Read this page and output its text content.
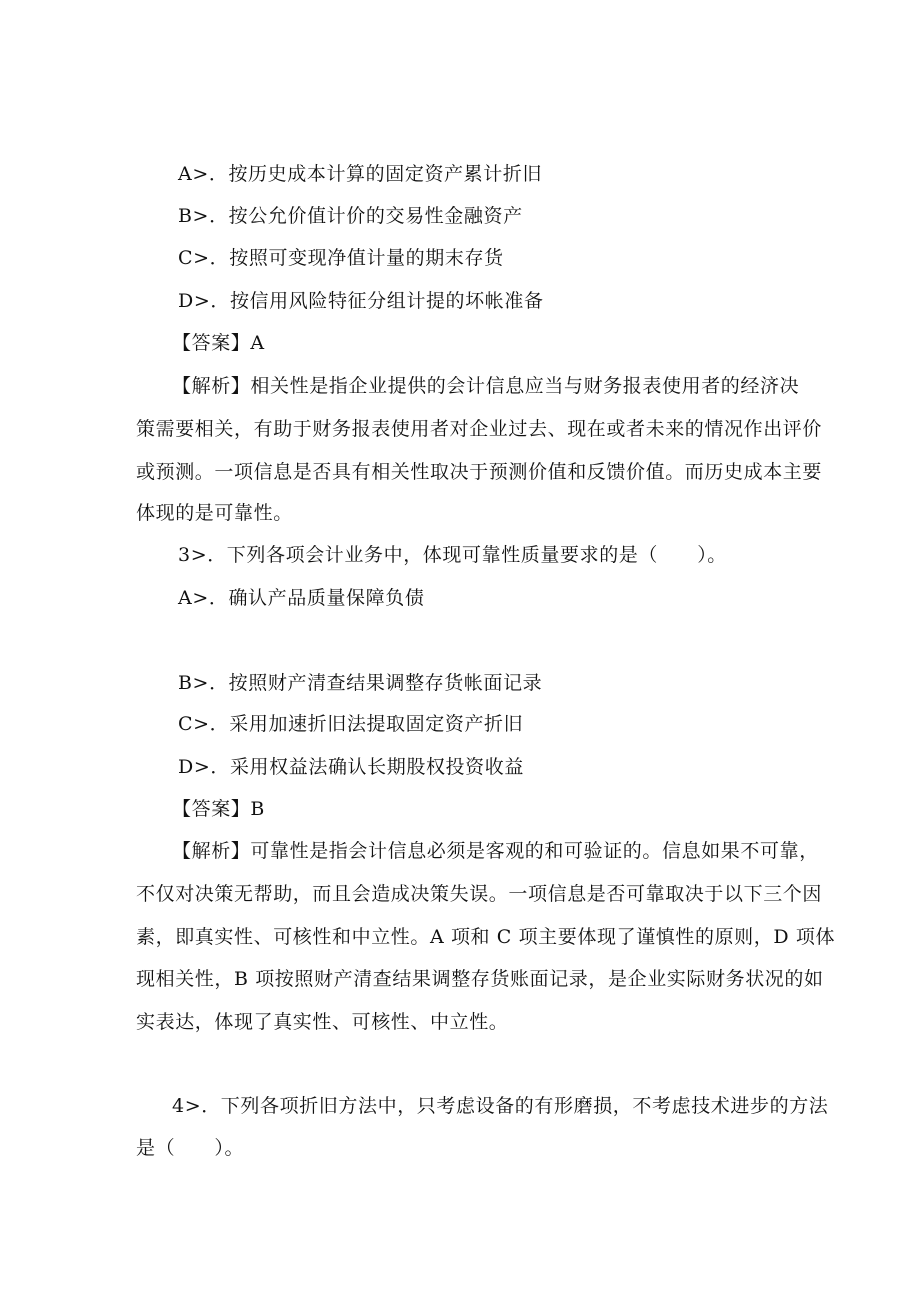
A>．按历史成本计算的固定资产累计折旧
B>．按公允价值计价的交易性金融资产
C>．按照可变现净值计量的期末存货
D>．按信用风险特征分组计提的坏帐准备
【答案】A
【解析】相关性是指企业提供的会计信息应当与财务报表使用者的经济决
策需要相关，有助于财务报表使用者对企业过去、现在或者未来的情况作出评价
或预测。一项信息是否具有相关性取决于预测价值和反馈价值。而历史成本主要
体现的是可靠性。
3>．下列各项会计业务中，体现可靠性质量要求的是（　　）。
A>．确认产品质量保障负债
B>．按照财产清查结果调整存货帐面记录
C>．采用加速折旧法提取固定资产折旧
D>．采用权益法确认长期股权投资收益
【答案】B
【解析】可靠性是指会计信息必须是客观的和可验证的。信息如果不可靠，
不仅对决策无帮助，而且会造成决策失误。一项信息是否可靠取决于以下三个因
素，即真实性、可核性和中立性。A 项和 C 项主要体现了谨慎性的原则，D 项体
现相关性，B 项按照财产清查结果调整存货账面记录，是企业实际财务状况的如
实表达，体现了真实性、可核性、中立性。
4>．下列各项折旧方法中，只考虑设备的有形磨损，不考虑技术进步的方法
是（　　）。
